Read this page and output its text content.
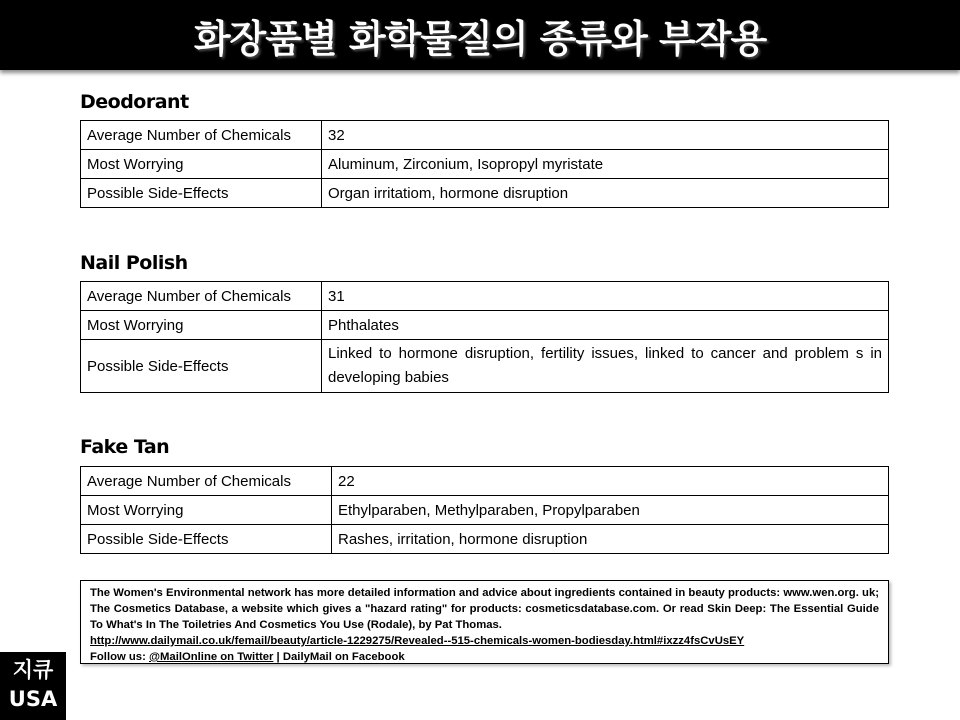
화장품별 화학물질의 종류와 부작용
Deodorant
Average Number of Chemicals	32
Most Worrying	Aluminum, Zirconium, Isopropyl myristate
Possible Side-Effects	Organ irritatiom, hormone disruption
Nail Polish
Average Number of Chemicals	31
Most Worrying	Phthalates
Possible Side-Effects	Linked to hormone disruption, fertility issues, linked to cancer and problem s in developing babies
Fake Tan
Average Number of Chemicals	22
Most Worrying	Ethylparaben, Methylparaben, Propylparaben
Possible Side-Effects	Rashes, irritation, hormone disruption

The Women's Environmental network has more detailed information and advice about ingredients contained in beauty products: www.wen.org. uk; The Cosmetics Database, a website which gives a "hazard rating" for products: cosmeticsdatabase.com. Or read Skin Deep: The Essential Guide To What's In The Toiletries And Cosmetics You Use (Rodale), by Pat Thomas.

http://www.dailymail.co.uk/femail/beauty/article-1229275/Revealed--515-chemicals-women-bodiesday.html#ixzz4fsCvUsEY

Follow us: @MailOnline on Twitter | DailyMail on Facebook

지큐
USA
